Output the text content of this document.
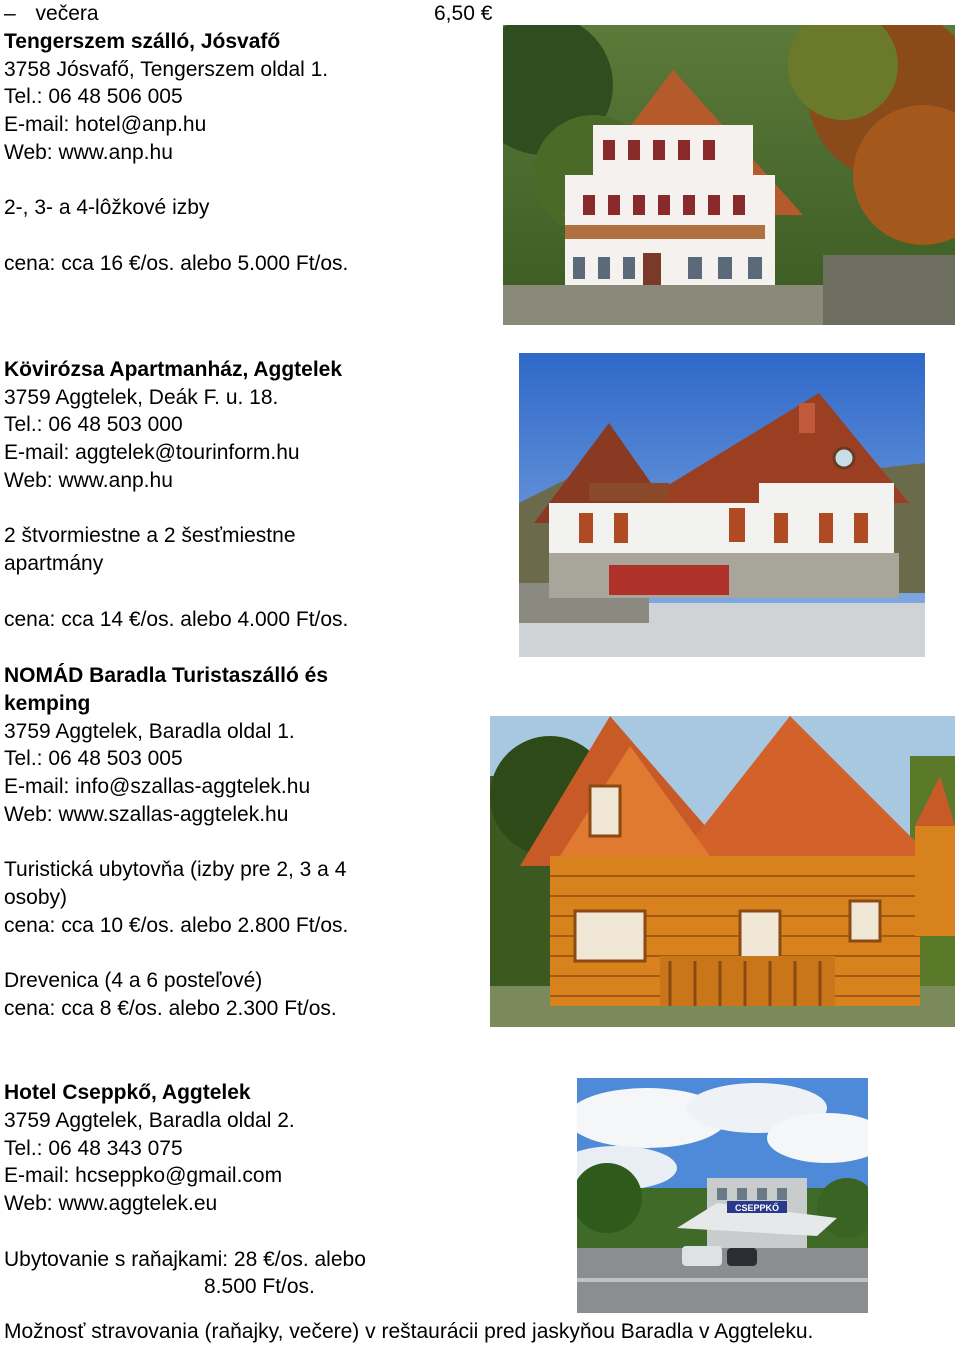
– večera	6,50 €
Tengerszem szálló, Jósvafő
3758 Jósvafő, Tengerszem oldal 1.
Tel.: 06 48 506 005
E-mail: hotel@anp.hu
Web: www.anp.hu
2-, 3- a 4-lôžkové izby
cena: cca 16 €/os. alebo 5.000 Ft/os.
Kövirózsa Apartmanház, Aggtelek
3759 Aggtelek, Deák F. u. 18.
Tel.: 06 48 503 000
E-mail: aggtelek@tourinform.hu
Web: www.anp.hu
2 štvormiestne a 2 šesťmiestne
apartmány
cena: cca 14 €/os. alebo 4.000 Ft/os.
NOMÁD Baradla Turistaszálló és
kemping
3759 Aggtelek, Baradla oldal 1.
Tel.: 06 48 503 005
E-mail: info@szallas-aggtelek.hu
Web: www.szallas-aggtelek.hu
Turistická ubytovňa (izby pre 2, 3 a 4
osoby)
cena: cca 10 €/os. alebo 2.800 Ft/os.
Drevenica (4 a 6 posteľové)
cena: cca 8 €/os. alebo 2.300 Ft/os.
Hotel Cseppkő, Aggtelek
3759 Aggtelek, Baradla oldal 2.
Tel.: 06 48 343 075
E-mail: hcseppko@gmail.com
Web: www.aggtelek.eu
Ubytovanie s raňajkami: 28 €/os. alebo
8.500 Ft/os.
Možnosť stravovania (raňajky, večere) v reštaurácii pred jaskyňou Baradla v Aggteleku.
CSEPPKŐ
